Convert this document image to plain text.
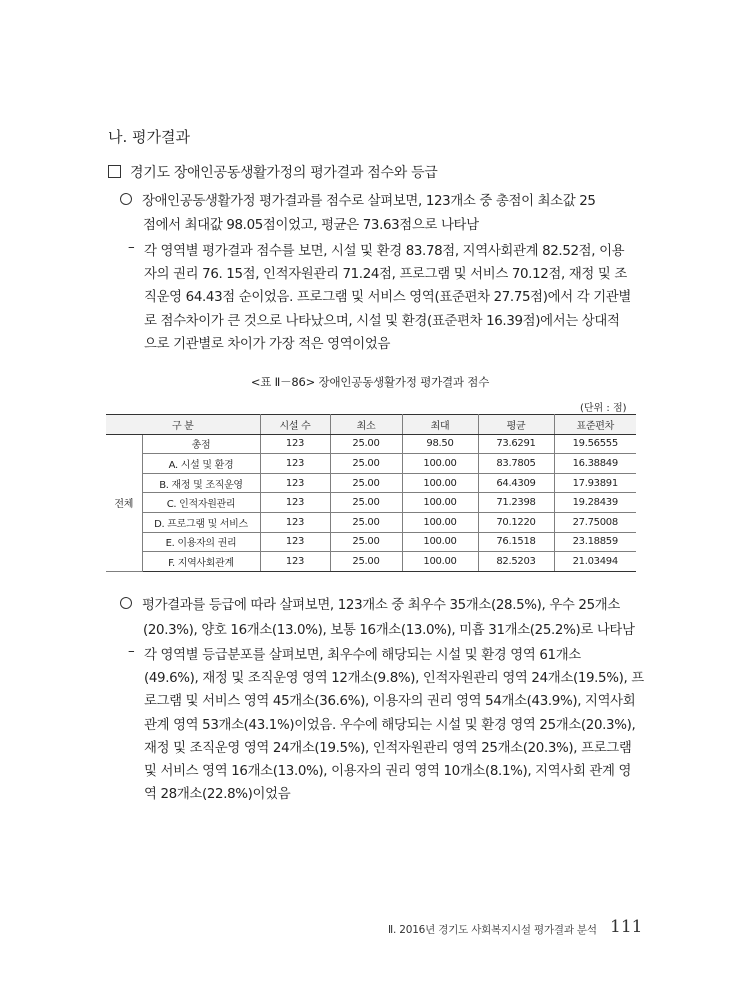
나. 평가결과
경기도 장애인공동생활가정의 평가결과 점수와 등급
장애인공동생활가정 평가결과를 점수로 살펴보면, 123개소 중 총점이 최소값 25
점에서 최대값 98.05점이었고, 평균은 73.63점으로 나타남
– 각 영역별 평가결과 점수를 보면, 시설 및 환경 83.78점, 지역사회관계 82.52점, 이용
자의 권리 76. 15점, 인적자원관리 71.24점, 프로그램 및 서비스 70.12점, 재정 및 조
직운영 64.43점 순이었음. 프로그램 및 서비스 영역(표준편차 27.75점)에서 각 기관별
로 점수차이가 큰 것으로 나타났으며, 시설 및 환경(표준편차 16.39점)에서는 상대적
으로 기관별로 차이가 가장 적은 영역이었음
<표 Ⅱ－86> 장애인공동생활가정 평가결과 점수
(단위 : 점)
구 분		시설 수	최소	최대	평균	표준편차
전체	총점	123	25.00	98.50	73.6291	19.56555
	A. 시설 및 환경	123	25.00	100.00	83.7805	16.38849
	B. 재정 및 조직운영	123	25.00	100.00	64.4309	17.93891
	C. 인적자원관리	123	25.00	100.00	71.2398	19.28439
	D. 프로그램 및 서비스	123	25.00	100.00	70.1220	27.75008
	E. 이용자의 권리	123	25.00	100.00	76.1518	23.18859
	F. 지역사회관계	123	25.00	100.00	82.5203	21.03494
평가결과를 등급에 따라 살펴보면, 123개소 중 최우수 35개소(28.5%), 우수 25개소
(20.3%), 양호 16개소(13.0%), 보통 16개소(13.0%), 미흡 31개소(25.2%)로 나타남
– 각 영역별 등급분포를 살펴보면, 최우수에 해당되는 시설 및 환경 영역 61개소
(49.6%), 재정 및 조직운영 영역 12개소(9.8%), 인적자원관리 영역 24개소(19.5%), 프
로그램 및 서비스 영역 45개소(36.6%), 이용자의 권리 영역 54개소(43.9%), 지역사회
관계 영역 53개소(43.1%)이었음. 우수에 해당되는 시설 및 환경 영역 25개소(20.3%),
재정 및 조직운영 영역 24개소(19.5%), 인적자원관리 영역 25개소(20.3%), 프로그램
및 서비스 영역 16개소(13.0%), 이용자의 권리 영역 10개소(8.1%), 지역사회 관계 영
역 28개소(22.8%)이었음
Ⅱ. 2016년 경기도 사회복지시설 평가결과 분석 111
